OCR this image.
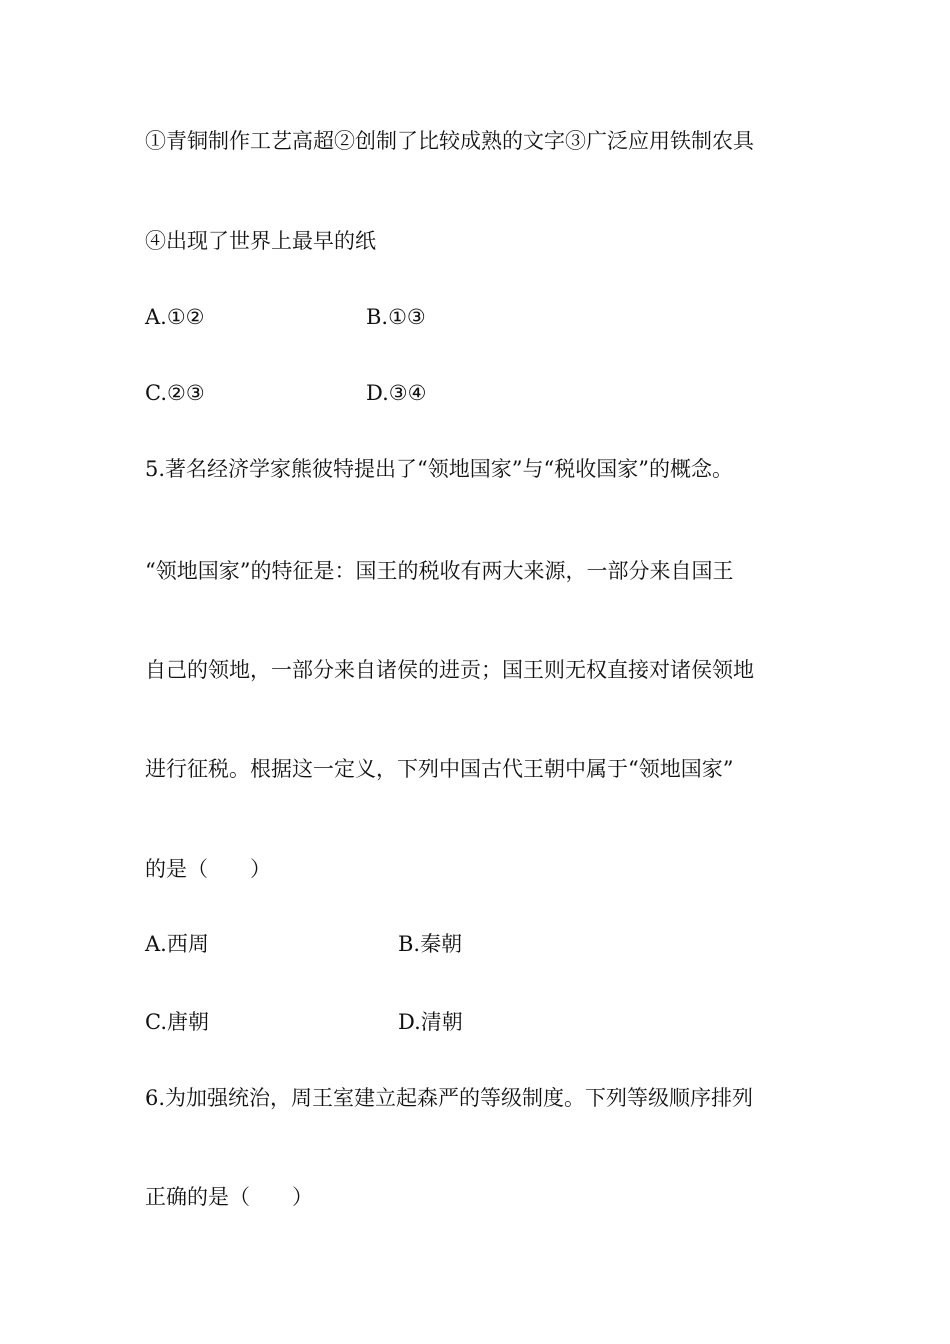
①青铜制作工艺高超②创制了比较成熟的文字③广泛应用铁制农具
④出现了世界上最早的纸
A.①②	B.①③
C.②③	D.③④
5.著名经济学家熊彼特提出了“领地国家”与“税收国家”的概念。
“领地国家”的特征是：国王的税收有两大来源，一部分来自国王
自己的领地，一部分来自诸侯的进贡；国王则无权直接对诸侯领地
进行征税。根据这一定义，下列中国古代王朝中属于“领地国家”
的是（　　）
A.西周	B.秦朝
C.唐朝	D.清朝
6.为加强统治，周王室建立起森严的等级制度。下列等级顺序排列
正确的是（　　）
